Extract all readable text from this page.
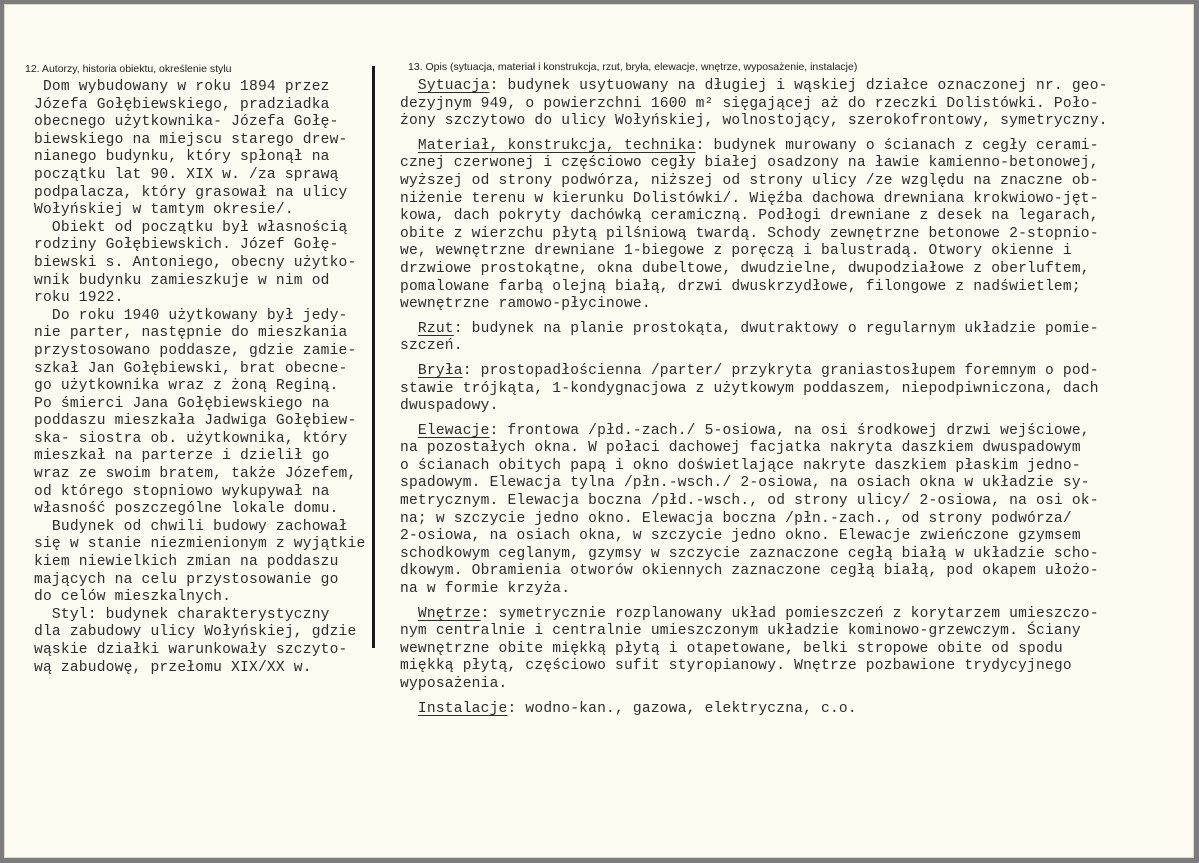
12. Autorzy, historia obiektu, określenie stylu	13. Opis (sytuacja, materiał i konstrukcja, rzut, bryła, elewacje, wnętrze, wyposażenie, instalacje)
Dom wybudowany w roku 1894 przez
Józefa Gołębiewskiego, pradziadka
obecnego użytkownika- Józefa Gołę-
biewskiego na miejscu starego drew-
nianego budynku, który spłonął na
początku lat 90. XIX w. /za sprawą
podpalacza, który grasował na ulicy
Wołyńskiej w tamtym okresie/.
Obiekt od początku był własnością
rodziny Gołębiewskich. Józef Gołę-
biewski s. Antoniego, obecny użytko-
wnik budynku zamieszkuje w nim od
roku 1922.
Do roku 1940 użytkowany był jedy-
nie parter, następnie do mieszkania
przystosowano poddasze, gdzie zamie-
szkał Jan Gołębiewski, brat obecne-
go użytkownika wraz z żoną Reginą.
Po śmierci Jana Gołębiewskiego na
poddaszu mieszkała Jadwiga Gołębiew-
ska- siostra ob. użytkownika, który
mieszkał na parterze i dzielił go
wraz ze swoim bratem, także Józefem,
od którego stopniowo wykupywał na
własność poszczególne lokale domu.
Budynek od chwili budowy zachował
się w stanie niezmienionym z wyjątkie
kiem niewielkich zmian na poddaszu
mających na celu przystosowanie go
do celów mieszkalnych.
Styl: budynek charakterystyczny
dla zabudowy ulicy Wołyńskiej, gdzie
wąskie działki warunkowały szczyto-
wą zabudowę, przełomu XIX/XX w.
Sytuacja: budynek usytuowany na długiej i wąskiej działce oznaczonej nr. geo-
dezyjnym 949, o powierzchni 1600 m² sięgającej aż do rzeczki Dolistówki. Poło-
żony szczytowo do ulicy Wołyńskiej, wolnostojący, szerokofrontowy, symetryczny.
Materiał, konstrukcja, technika: budynek murowany o ścianach z cegły cerami-
cznej czerwonej i częściowo cegły białej osadzony na ławie kamienno-betonowej,
wyższej od strony podwórza, niższej od strony ulicy /ze względu na znaczne ob-
niżenie terenu w kierunku Dolistówki/. Więźba dachowa drewniana krokwiowo-jęt-
kowa, dach pokryty dachówką ceramiczną. Podłogi drewniane z desek na legarach,
obite z wierzchu płytą pilśniową twardą. Schody zewnętrzne betonowe 2-stopnio-
we, wewnętrzne drewniane 1-biegowe z poręczą i balustradą. Otwory okienne i
drzwiowe prostokątne, okna dubeltowe, dwudzielne, dwupodziałowe z oberluftem,
pomalowane farbą olejną białą, drzwi dwuskrzydłowe, filongowe z nadświetlem;
wewnętrzne ramowo-płycinowe.
Rzut: budynek na planie prostokąta, dwutraktowy o regularnym układzie pomie-
szczeń.
Bryła: prostopadłościenna /parter/ przykryta graniastosłupem foremnym o pod-
stawie trójkąta, 1-kondygnacjowa z użytkowym poddaszem, niepodpiwniczona, dach
dwuspadowy.
Elewacje: frontowa /płd.-zach./ 5-osiowa, na osi środkowej drzwi wejściowe,
na pozostałych okna. W połaci dachowej facjatka nakryta daszkiem dwuspadowym
o ścianach obitych papą i okno doświetlające nakryte daszkiem płaskim jedno-
spadowym. Elewacja tylna /płn.-wsch./ 2-osiowa, na osiach okna w układzie sy-
metrycznym. Elewacja boczna /płd.-wsch., od strony ulicy/ 2-osiowa, na osi ok-
na; w szczycie jedno okno. Elewacja boczna /płn.-zach., od strony podwórza/
2-osiowa, na osiach okna, w szczycie jedno okno. Elewacje zwieńczone gzymsem
schodkowym ceglanym, gzymsy w szczycie zaznaczone cegłą białą w układzie scho-
dkowym. Obramienia otworów okiennych zaznaczone cegłą białą, pod okapem ułożo-
na w formie krzyża.
Wnętrze: symetrycznie rozplanowany układ pomieszczeń z korytarzem umieszczo-
nym centralnie i centralnie umieszczonym układzie kominowo-grzewczym. Ściany
wewnętrzne obite miękką płytą i otapetowane, belki stropowe obite od spodu
miękką płytą, częściowo sufit styropianowy. Wnętrze pozbawione trydycyjnego
wyposażenia.
Instalacje: wodno-kan., gazowa, elektryczna, c.o.
